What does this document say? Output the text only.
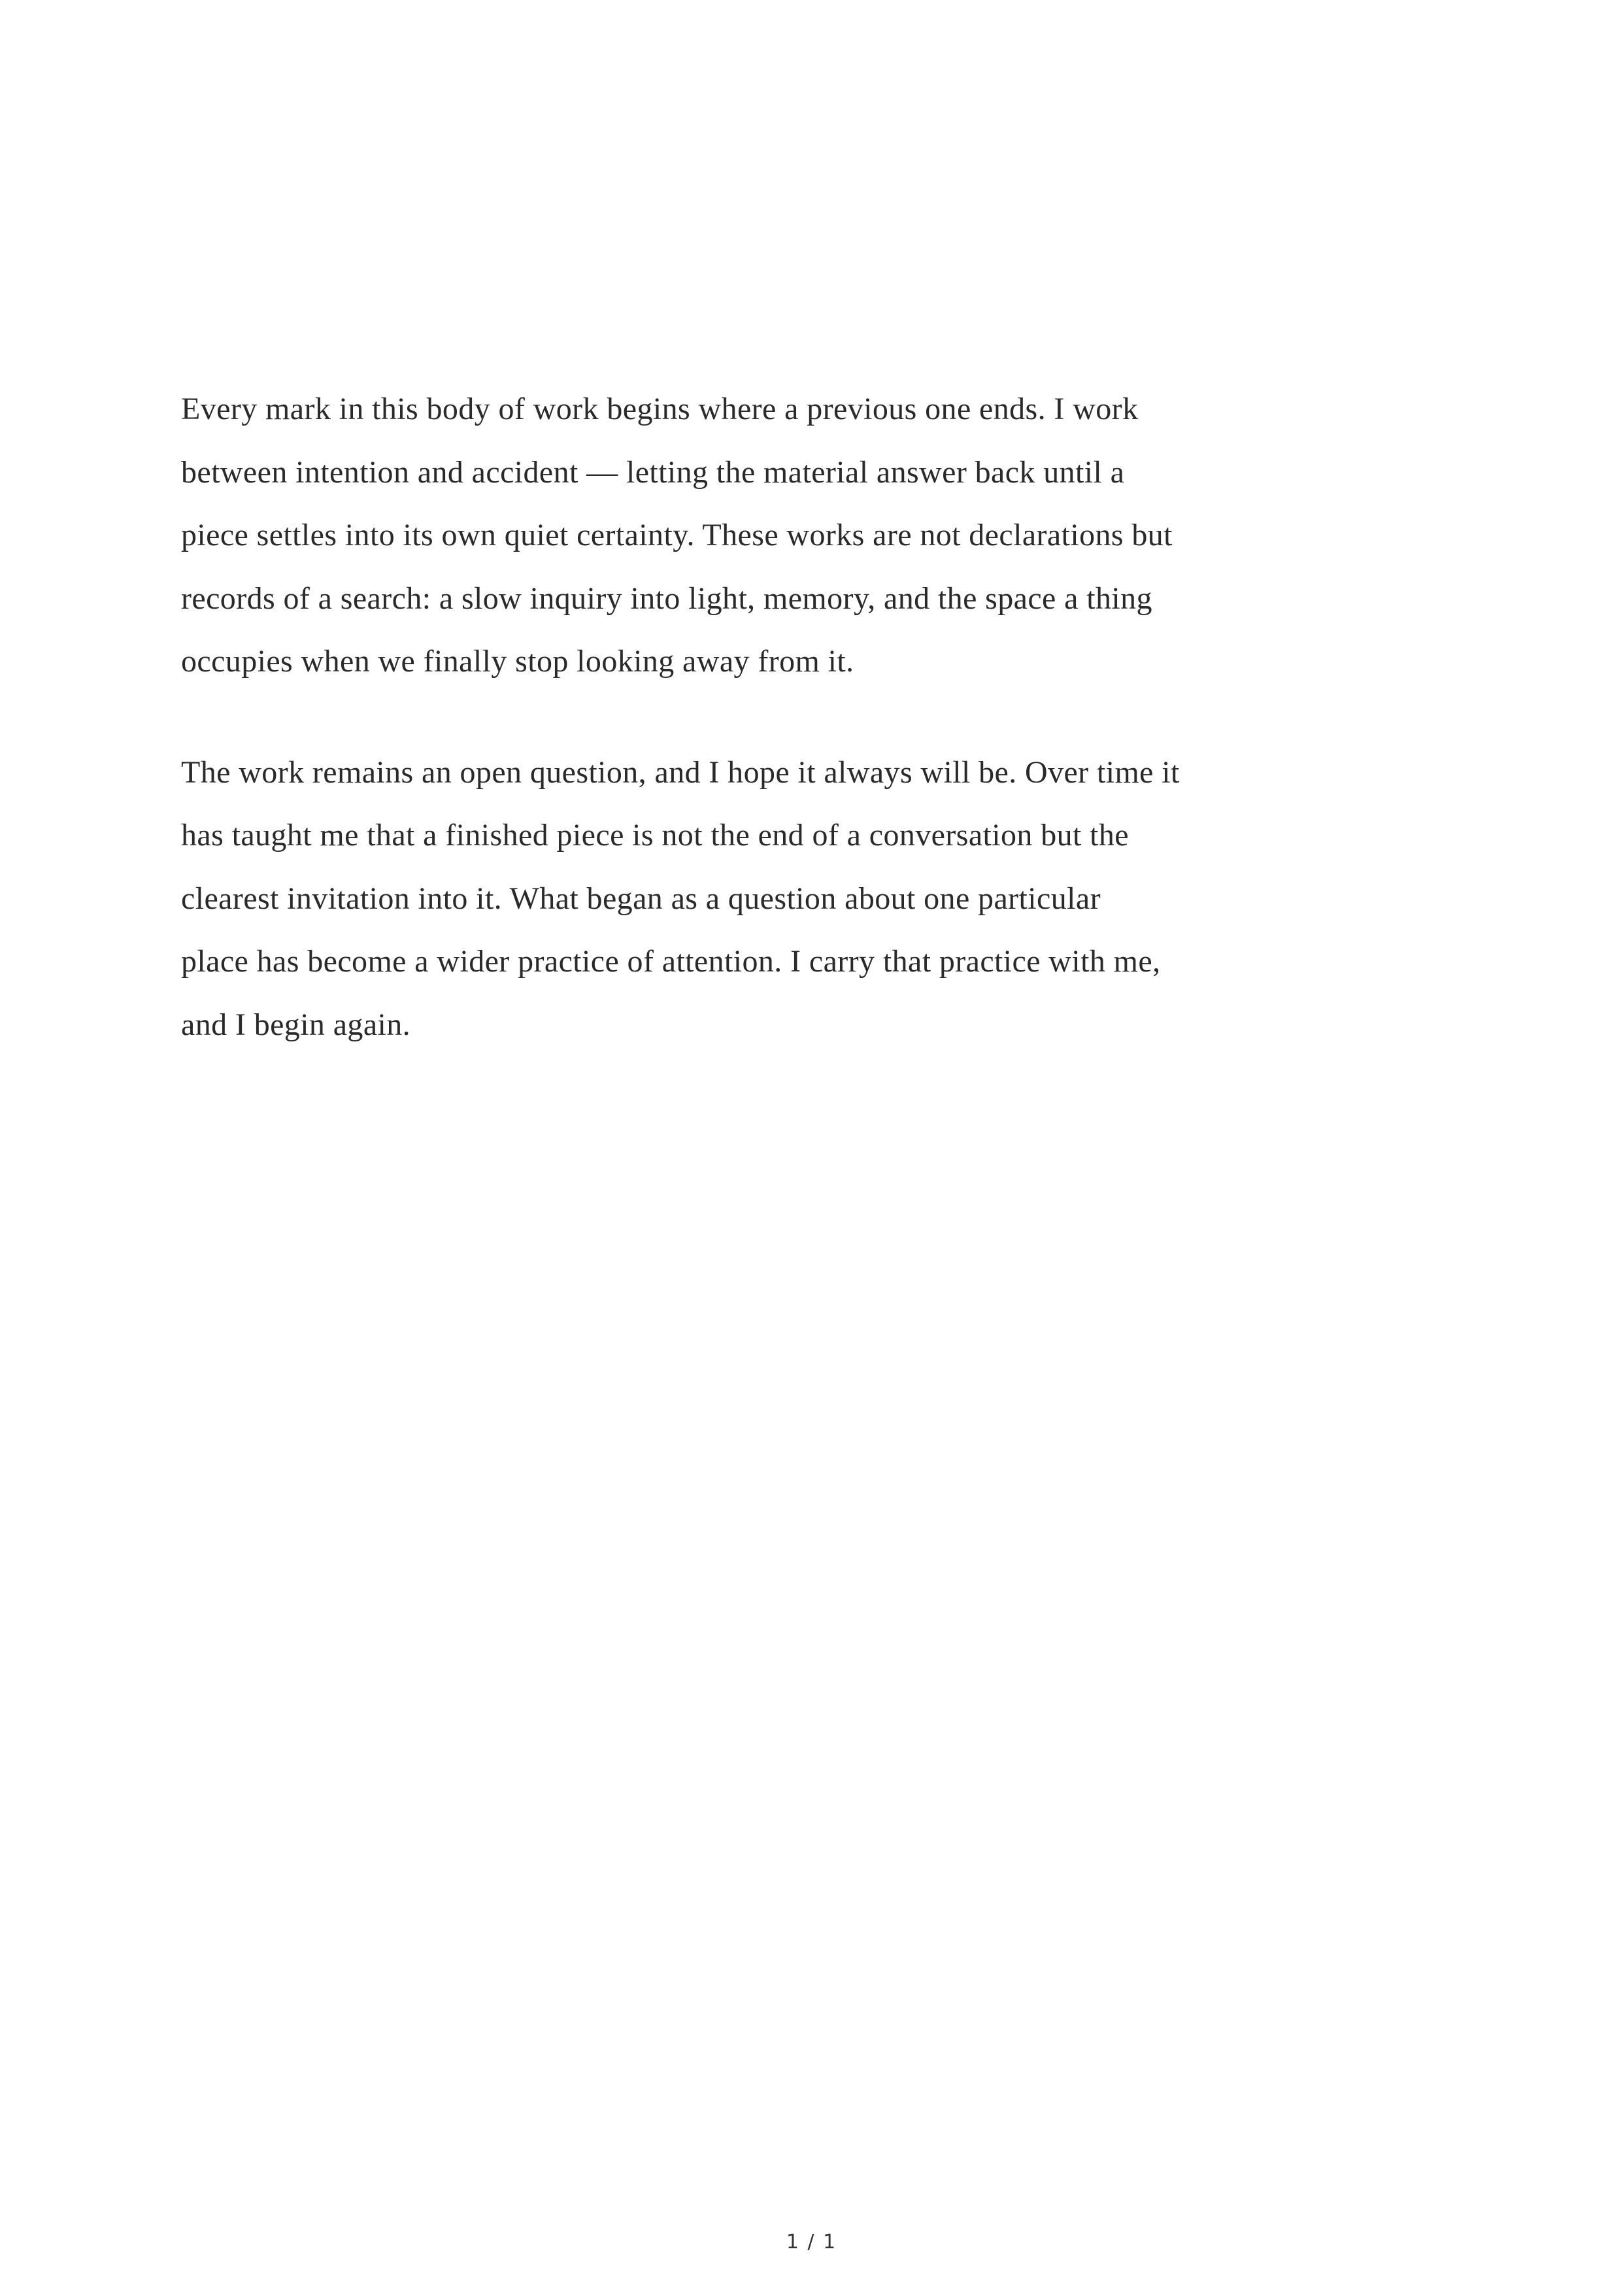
Every mark in this body of work begins where a previous one ends. I work
between intention and accident — letting the material answer back until a
piece settles into its own quiet certainty. These works are not declarations but
records of a search: a slow inquiry into light, memory, and the space a thing
occupies when we finally stop looking away from it.

The work remains an open question, and I hope it always will be. Over time it
has taught me that a finished piece is not the end of a conversation but the
clearest invitation into it. What began as a question about one particular
place has become a wider practice of attention. I carry that practice with me,
and I begin again.

1 / 1
